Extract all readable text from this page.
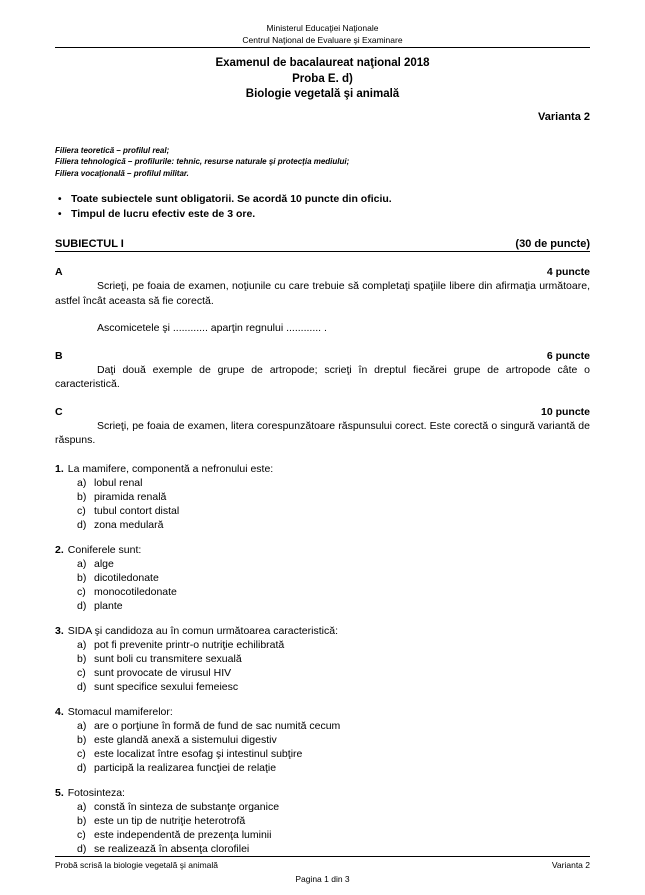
Ministerul Educaţiei Naţionale
Centrul Naţional de Evaluare şi Examinare
Examenul de bacalaureat naţional 2018
Proba E. d)
Biologie vegetală şi animală
Varianta 2
Filiera teoretică – profilul real;
Filiera tehnologică – profilurile: tehnic, resurse naturale şi protecţia mediului;
Filiera vocaţională – profilul militar.
• Toate subiectele sunt obligatorii. Se acordă 10 puncte din oficiu.
• Timpul de lucru efectiv este de 3 ore.
SUBIECTUL I	(30 de puncte)
A	4 puncte
Scrieţi, pe foaia de examen, noţiunile cu care trebuie să completaţi spaţiile libere din afirmaţia următoare, astfel încât aceasta să fie corectă.
Ascomicetele şi ............ aparţin regnului ............ .
B	6 puncte
Daţi două exemple de grupe de artropode; scrieţi în dreptul fiecărei grupe de artropode câte o caracteristică.
C	10 puncte
Scrieţi, pe foaia de examen, litera corespunzătoare răspunsului corect. Este corectă o singură variantă de răspuns.
1. La mamifere, componentă a nefronului este:
a) lobul renal
b) piramida renală
c) tubul contort distal
d) zona medulară
2. Coniferele sunt:
a) alge
b) dicotiledonate
c) monocotiledonate
d) plante
3. SIDA şi candidoza au în comun următoarea caracteristică:
a) pot fi prevenite printr-o nutriţie echilibrată
b) sunt boli cu transmitere sexuală
c) sunt provocate de virusul HIV
d) sunt specifice sexului femeiesc
4. Stomacul mamiferelor:
a) are o porţiune în formă de fund de sac numită cecum
b) este glandă anexă a sistemului digestiv
c) este localizat între esofag şi intestinul subţire
d) participă la realizarea funcţiei de relaţie
5. Fotosinteza:
a) constă în sinteza de substanţe organice
b) este un tip de nutriţie heterotrofă
c) este independentă de prezenţa luminii
d) se realizează în absenţa clorofilei
Probă scrisă la biologie vegetală şi animală	Varianta 2
Pagina 1 din 3
